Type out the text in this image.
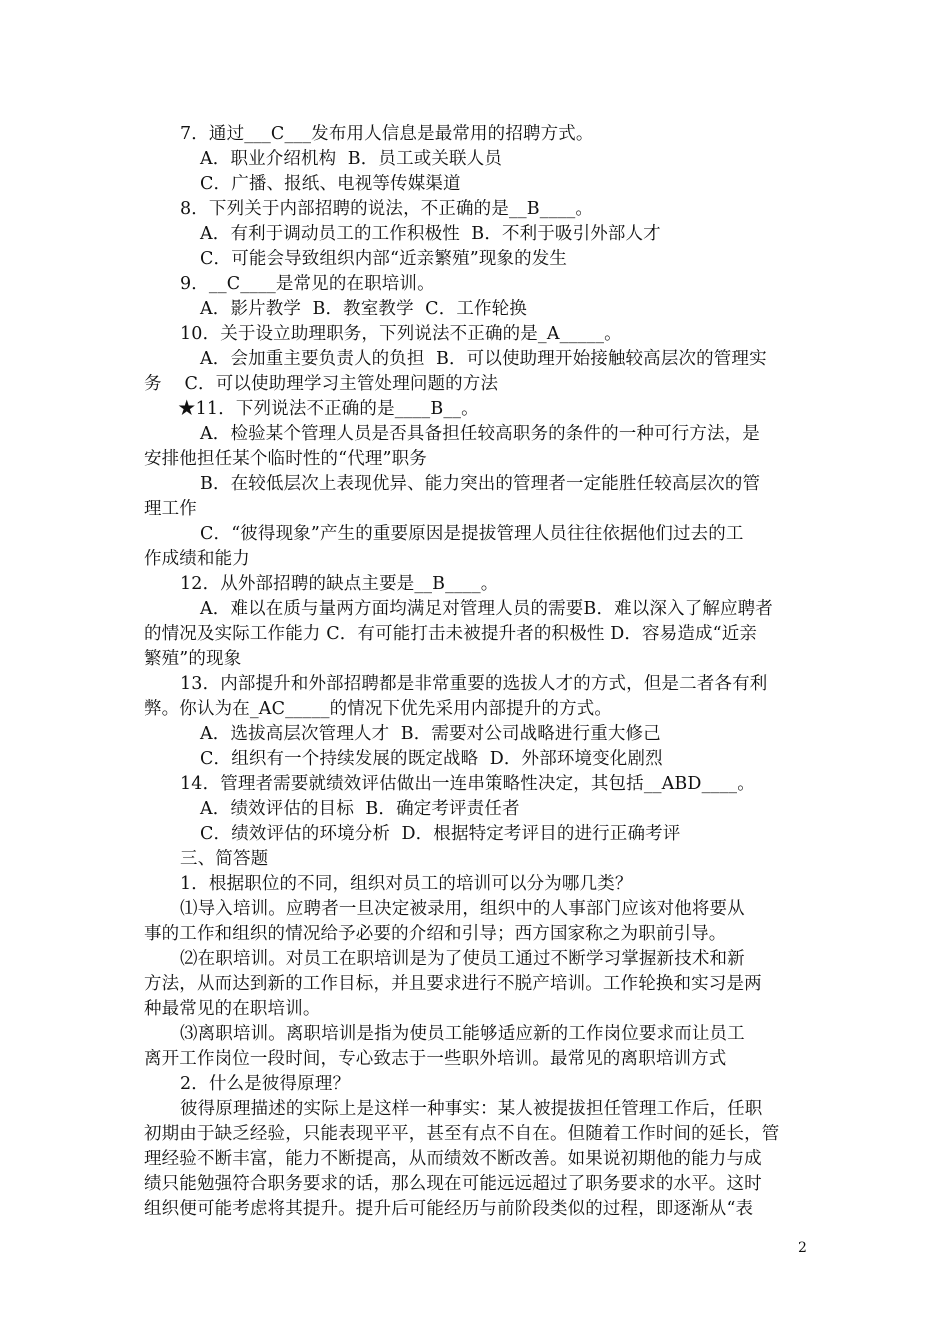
7．通过___C___发布用人信息是最常用的招聘方式。
A．职业介绍机构  B．员工或关联人员
C．广播、报纸、电视等传媒渠道
8．下列关于内部招聘的说法，不正确的是__B____。
A．有利于调动员工的工作积极性  B．不利于吸引外部人才
C．可能会导致组织内部“近亲繁殖”现象的发生
9．__C____是常见的在职培训。
A．影片教学  B．教室教学  C．工作轮换
10．关于设立助理职务，下列说法不正确的是_A_____。
A．会加重主要负责人的负担  B．可以使助理开始接触较高层次的管理实
务    C．可以使助理学习主管处理问题的方法
★11．下列说法不正确的是____B__。
A．检验某个管理人员是否具备担任较高职务的条件的一种可行方法，是
安排他担任某个临时性的“代理”职务
B．在较低层次上表现优异、能力突出的管理者一定能胜任较高层次的管
理工作
C．“彼得现象”产生的重要原因是提拔管理人员往往依据他们过去的工
作成绩和能力
12．从外部招聘的缺点主要是__B____。
A．难以在质与量两方面均满足对管理人员的需要B．难以深入了解应聘者
的情况及实际工作能力 C．有可能打击未被提升者的积极性 D．容易造成“近亲
繁殖”的现象
13．内部提升和外部招聘都是非常重要的选拔人才的方式，但是二者各有利
弊。你认为在_AC_____的情况下优先采用内部提升的方式。
A．选拔高层次管理人才  B．需要对公司战略进行重大修己
C．组织有一个持续发展的既定战略  D．外部环境变化剧烈
14．管理者需要就绩效评估做出一连串策略性决定，其包括__ABD____。
A．绩效评估的目标  B．确定考评责任者
C．绩效评估的环境分析  D．根据特定考评目的进行正确考评
三、简答题
1．根据职位的不同，组织对员工的培训可以分为哪几类？
⑴导入培训。应聘者一旦决定被录用，组织中的人事部门应该对他将要从
事的工作和组织的情况给予必要的介绍和引导；西方国家称之为职前引导。
⑵在职培训。对员工在职培训是为了使员工通过不断学习掌握新技术和新
方法，从而达到新的工作目标，并且要求进行不脱产培训。工作轮换和实习是两
种最常见的在职培训。
⑶离职培训。离职培训是指为使员工能够适应新的工作岗位要求而让员工
离开工作岗位一段时间，专心致志于一些职外培训。最常见的离职培训方式
2．什么是彼得原理？
彼得原理描述的实际上是这样一种事实：某人被提拔担任管理工作后，任职
初期由于缺乏经验，只能表现平平，甚至有点不自在。但随着工作时间的延长，管
理经验不断丰富，能力不断提高，从而绩效不断改善。如果说初期他的能力与成
绩只能勉强符合职务要求的话，那么现在可能远远超过了职务要求的水平。这时
组织便可能考虑将其提升。提升后可能经历与前阶段类似的过程，即逐渐从“表
2
